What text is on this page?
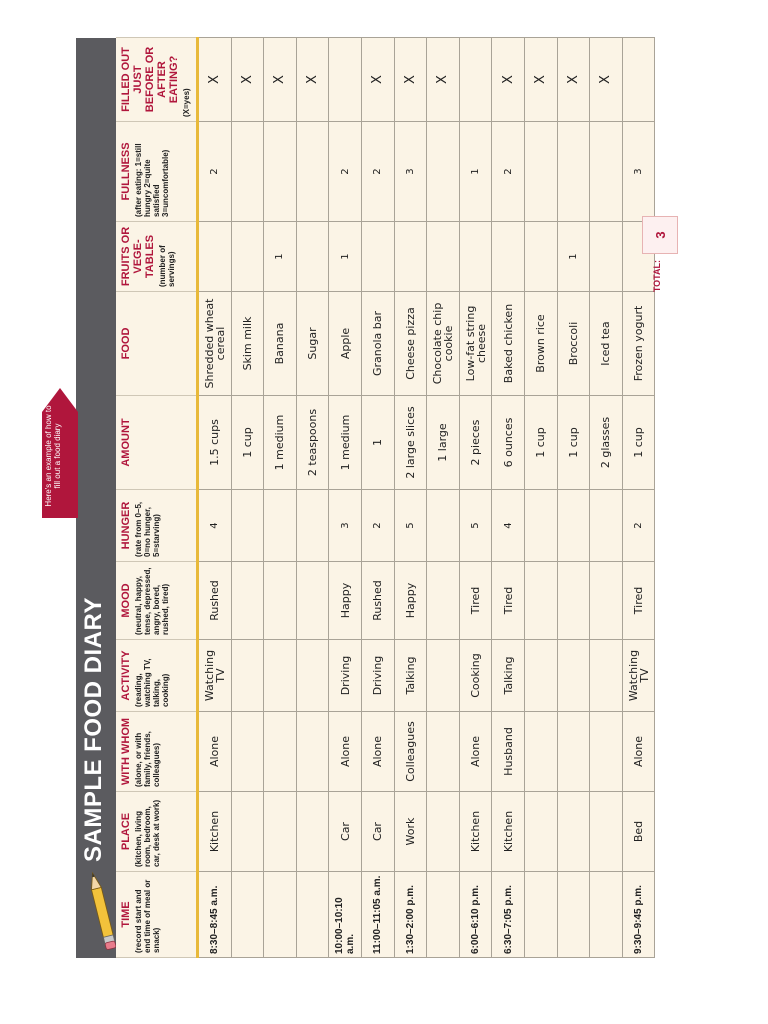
SAMPLE FOOD DIARY
Here's an example of how to fill out a food diary
TIME (record start and end time of meal or snack)	PLACE (kitchen, living room, bedroom, car, desk at work)	WITH WHOM (alone, or with family, friends, colleagues)	ACTIVITY (reading, watching TV, talking, cooking)	MOOD (neutral, happy, tense, depressed, angry, bored, rushed, tired)	HUNGER (rate from 0–5, 0=no hunger, 5=starving)	AMOUNT	FOOD	FRUITS OR VEGE-TABLES (number of servings)	FULLNESS (after eating: 1=still hungry 2=quite satisfied 3=uncomfortable)	FILLED OUT JUST BEFORE OR AFTER EATING? (X=yes)

8:30–8:45 a.m.	Kitchen	Alone	Watching TV	Rushed	4	1.5 cups	Shredded wheat cereal		2	X
						1 cup	Skim milk			X
						1 medium	Banana	1		X
						2 teaspoons	Sugar			X
10:00–10:10 a.m.	Car	Alone	Driving	Happy	3	1 medium	Apple	1	2	
11:00–11:05 a.m.	Car	Alone	Driving	Rushed	2	1	Granola bar		2	X
1:30–2:00 p.m.	Work	Colleagues	Talking	Happy	5	2 large slices	Cheese pizza		3	X
						1 large	Chocolate chip cookie			X
6:00–6:10 p.m.	Kitchen	Alone	Cooking	Tired	5	2 pieces	Low-fat string cheese		1	
6:30–7:05 p.m.	Kitchen	Husband	Talking	Tired	4	6 ounces	Baked chicken		2	X
						1 cup	Brown rice			X
						1 cup	Broccoli	1		X
						2 glasses	Iced tea			X
9:30–9:45 p.m.	Bed	Alone	Watching TV	Tired	2	1 cup	Frozen yogurt		3	
TOTAL:
3
